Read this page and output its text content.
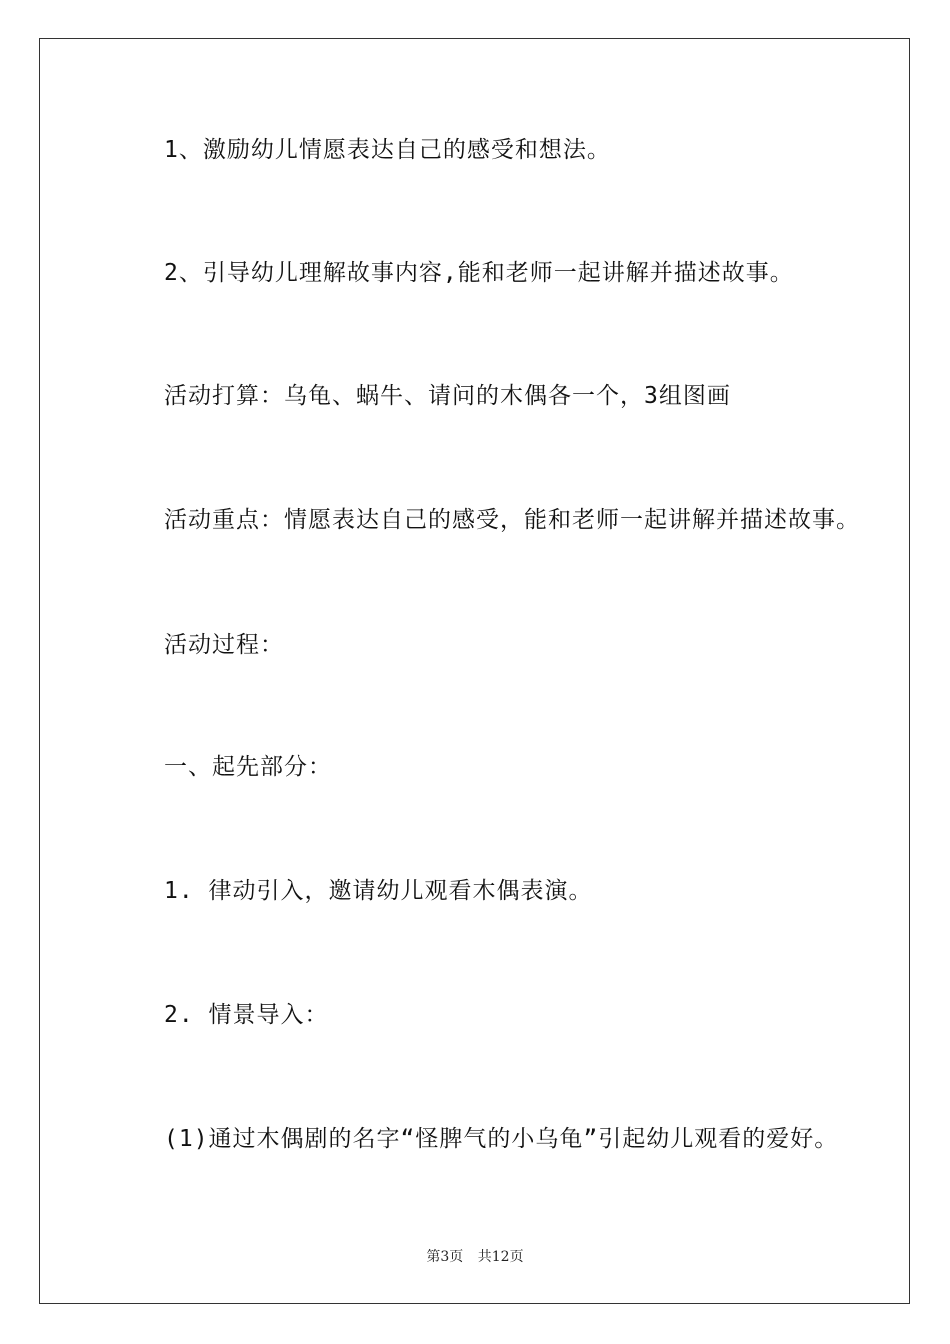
1、激励幼儿情愿表达自己的感受和想法。
2、引导幼儿理解故事内容,能和老师一起讲解并描述故事。
活动打算：乌龟、蜗牛、请问的木偶各一个，3组图画
活动重点：情愿表达自己的感受，能和老师一起讲解并描述故事。
活动过程：
一、起先部分：
1. 律动引入，邀请幼儿观看木偶表演。
2. 情景导入：
(1)通过木偶剧的名字“怪脾气的小乌龟”引起幼儿观看的爱好。
第3页 共12页
